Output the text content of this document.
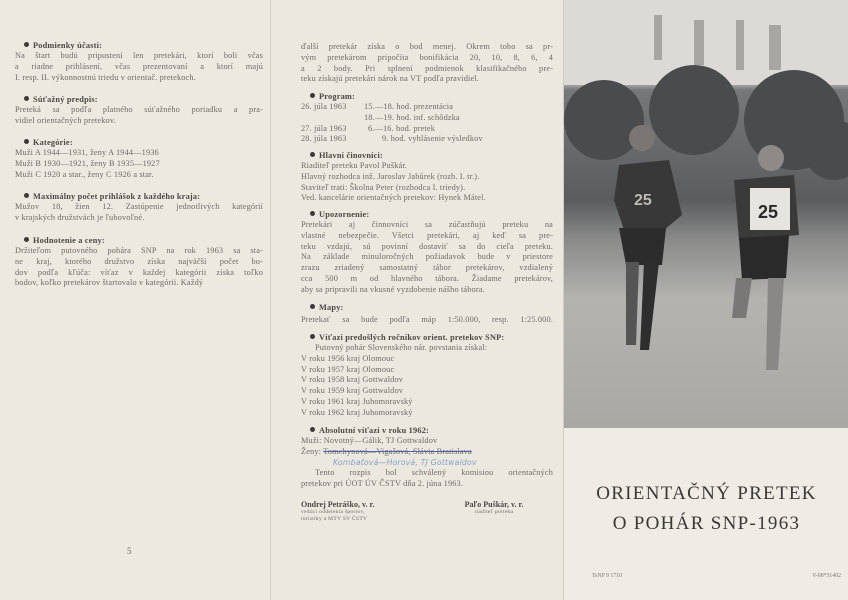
Podmienky účasti:
Na štart budú pripustení len pretekári, ktorí boli včas
a riadne prihlásení, včas prezentovaní a ktorí majú
I. resp. II. výkonnostnú triedu v orientač. pretekoch.
Súťažný predpis:
Preteká sa podľa platného súťažného poriadku a pra-
vidiel orientačných pretekov.
Kategórie:
Muži A 1944—1931, ženy A 1944—1936
Muži B 1930—1921, ženy B 1935—1927
Muži C 1920 a star., ženy C 1926 a star.
Maximálny počet prihlášok z každého kraja:
Mužov 18, žien 12. Zastúpenie jednotlivých kategórií
v krajských družstvách je ľubovoľné.
Hodnotenie a ceny:
Držiteľom putovného pohára SNP na rok 1963 sa sta-
ne kraj, ktorého družstvo získa najväčší počet bo-
dov podľa kľúča: víťaz v každej kategórii získa toľko
bodov, koľko pretekárov štartovalo v kategórii. Každý
5
ďalší pretekár získa o bod menej. Okrem toho sa pr-
vým pretekárom pripočíta bonifikácia 20, 10, 8, 6, 4
a 2 body. Pri splnení podmienok klasifikačného pre-
teku získajú pretekári nárok na VT podľa pravidiel.
Program:
26. júla 1963 15.—18. hod. prezentácia
18.—19. hod. inf. schôdzka
27. júla 1963	6.—16. hod. pretek
28. júla 1963	9. hod. vyhlásenie výsledkov
Hlavní činovníci:
Riaditeľ preteku Pavol Puškár.
Hlavný rozhodca inž. Jaroslav Jabůrek (rozh. I. tr.).
Staviteľ trati: Školna Peter (rozhodca I. triedy).
Ved. kancelárie orientačných pretekov: Hynek Mátel.
Upozornenie:
Pretekári aj činnovníci sa zúčastňujú preteku na
vlastné nebezpečie. Všetci pretekári, aj keď sa pre-
teku vzdajú, sú povinní dostaviť sa do cieľa preteku.
Na základe minuloročných požiadavok bude v priestore
zrazu zriadený samostatný tábor pretekárov, vzdialený
cca 500 m od hlavného tábora. Žiadame pretekárov,
aby sa pripravili na vkusné vyzdobenie nášho tábora.
Mapy:
Pretekať sa bude podľa máp 1:50.000, resp. 1:25.000.
Víťazi predošlých ročníkov orient. pretekov SNP:
Putovný pohár Slovenského nár. povstania získal:
V roku 1956 kraj Olomouc
V roku 1957 kraj Olomouc
V roku 1958 kraj Gottwaldov
V roku 1959 kraj Gottwaldov
V roku 1961 kraj Juhomoravský
V roku 1962 kraj Juhomoravský
Absolutní víťazi v roku 1962:
Muži: Novotný—Gálik, TJ Gottwaldov
Ženy: Tomchynová—Vigašová, Slávia Bratislava
Kombaťová—Horová, TJ Gottwaldov
Tento rozpis bol schválený komisiou orientačných
pretekov pri ÚOT ÚV ČSTV dňa 2. júna 1963.
Ondrej Petráško, v. r.
vedúci oddelenia športov,
turistiky a MTV SV ČSTV
Paľo Puškár, v. r.
riaditeľ preteku
25
25
ORIENTAČNÝ PRETEK
O POHÁR SNP-1963
TsNP 9 1710	V-08*31402
